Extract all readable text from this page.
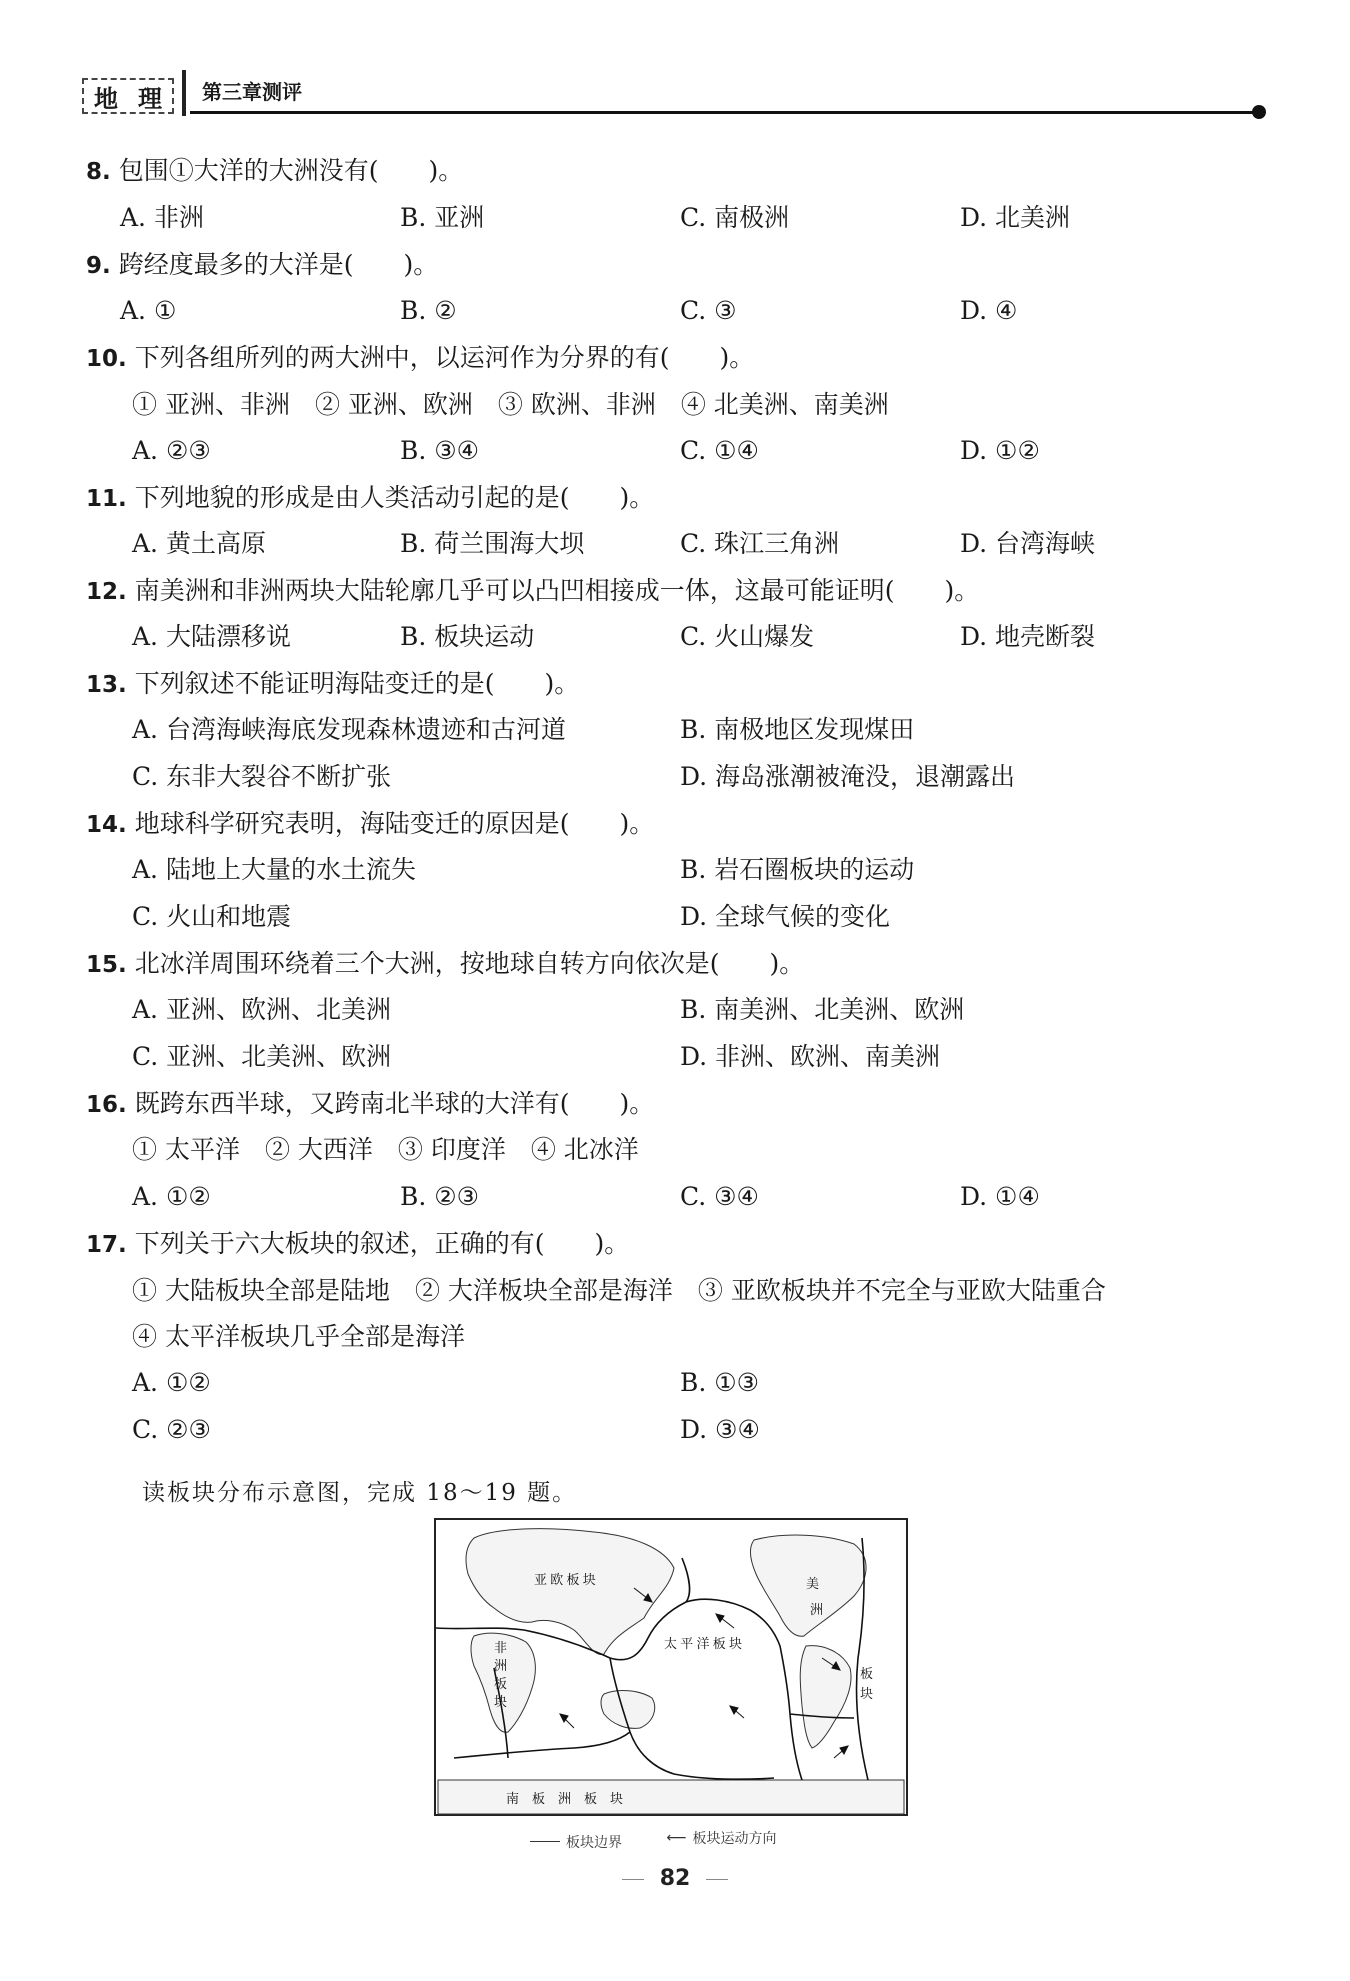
地 理 第三章测评
8. 包围①大洋的大洲没有(　　)。
A. 非洲	B. 亚洲	C. 南极洲	D. 北美洲
9. 跨经度最多的大洋是(　　)。
A. ①	B. ②	C. ③	D. ④
10. 下列各组所列的两大洲中，以运河作为分界的有(　　)。
① 亚洲、非洲　② 亚洲、欧洲　③ 欧洲、非洲　④ 北美洲、南美洲
A. ②③	B. ③④	C. ①④	D. ①②
11. 下列地貌的形成是由人类活动引起的是(　　)。
A. 黄土高原	B. 荷兰围海大坝	C. 珠江三角洲	D. 台湾海峡
12. 南美洲和非洲两块大陆轮廓几乎可以凸凹相接成一体，这最可能证明(　　)。
A. 大陆漂移说	B. 板块运动	C. 火山爆发	D. 地壳断裂
13. 下列叙述不能证明海陆变迁的是(　　)。
A. 台湾海峡海底发现森林遗迹和古河道	B. 南极地区发现煤田
C. 东非大裂谷不断扩张	D. 海岛涨潮被淹没，退潮露出
14. 地球科学研究表明，海陆变迁的原因是(　　)。
A. 陆地上大量的水土流失	B. 岩石圈板块的运动
C. 火山和地震	D. 全球气候的变化
15. 北冰洋周围环绕着三个大洲，按地球自转方向依次是(　　)。
A. 亚洲、欧洲、北美洲	B. 南美洲、北美洲、欧洲
C. 亚洲、北美洲、欧洲	D. 非洲、欧洲、南美洲
16. 既跨东西半球，又跨南北半球的大洋有(　　)。
① 太平洋　② 大西洋　③ 印度洋　④ 北冰洋
A. ①②	B. ②③	C. ③④	D. ①④
17. 下列关于六大板块的叙述，正确的有(　　)。
① 大陆板块全部是陆地　② 大洋板块全部是海洋　③ 亚欧板块并不完全与亚欧大陆重合
④ 太平洋板块几乎全部是海洋
A. ①②	B. ①③
C. ②③	D. ③④
读板块分布示意图，完成 18～19 题。
亚 欧 板 块
太 平 洋 板 块
非
洲
板
块
美
洲
板
块
南　板　洲　板　块
板块边界
	⟵ 板块运动方向
82
